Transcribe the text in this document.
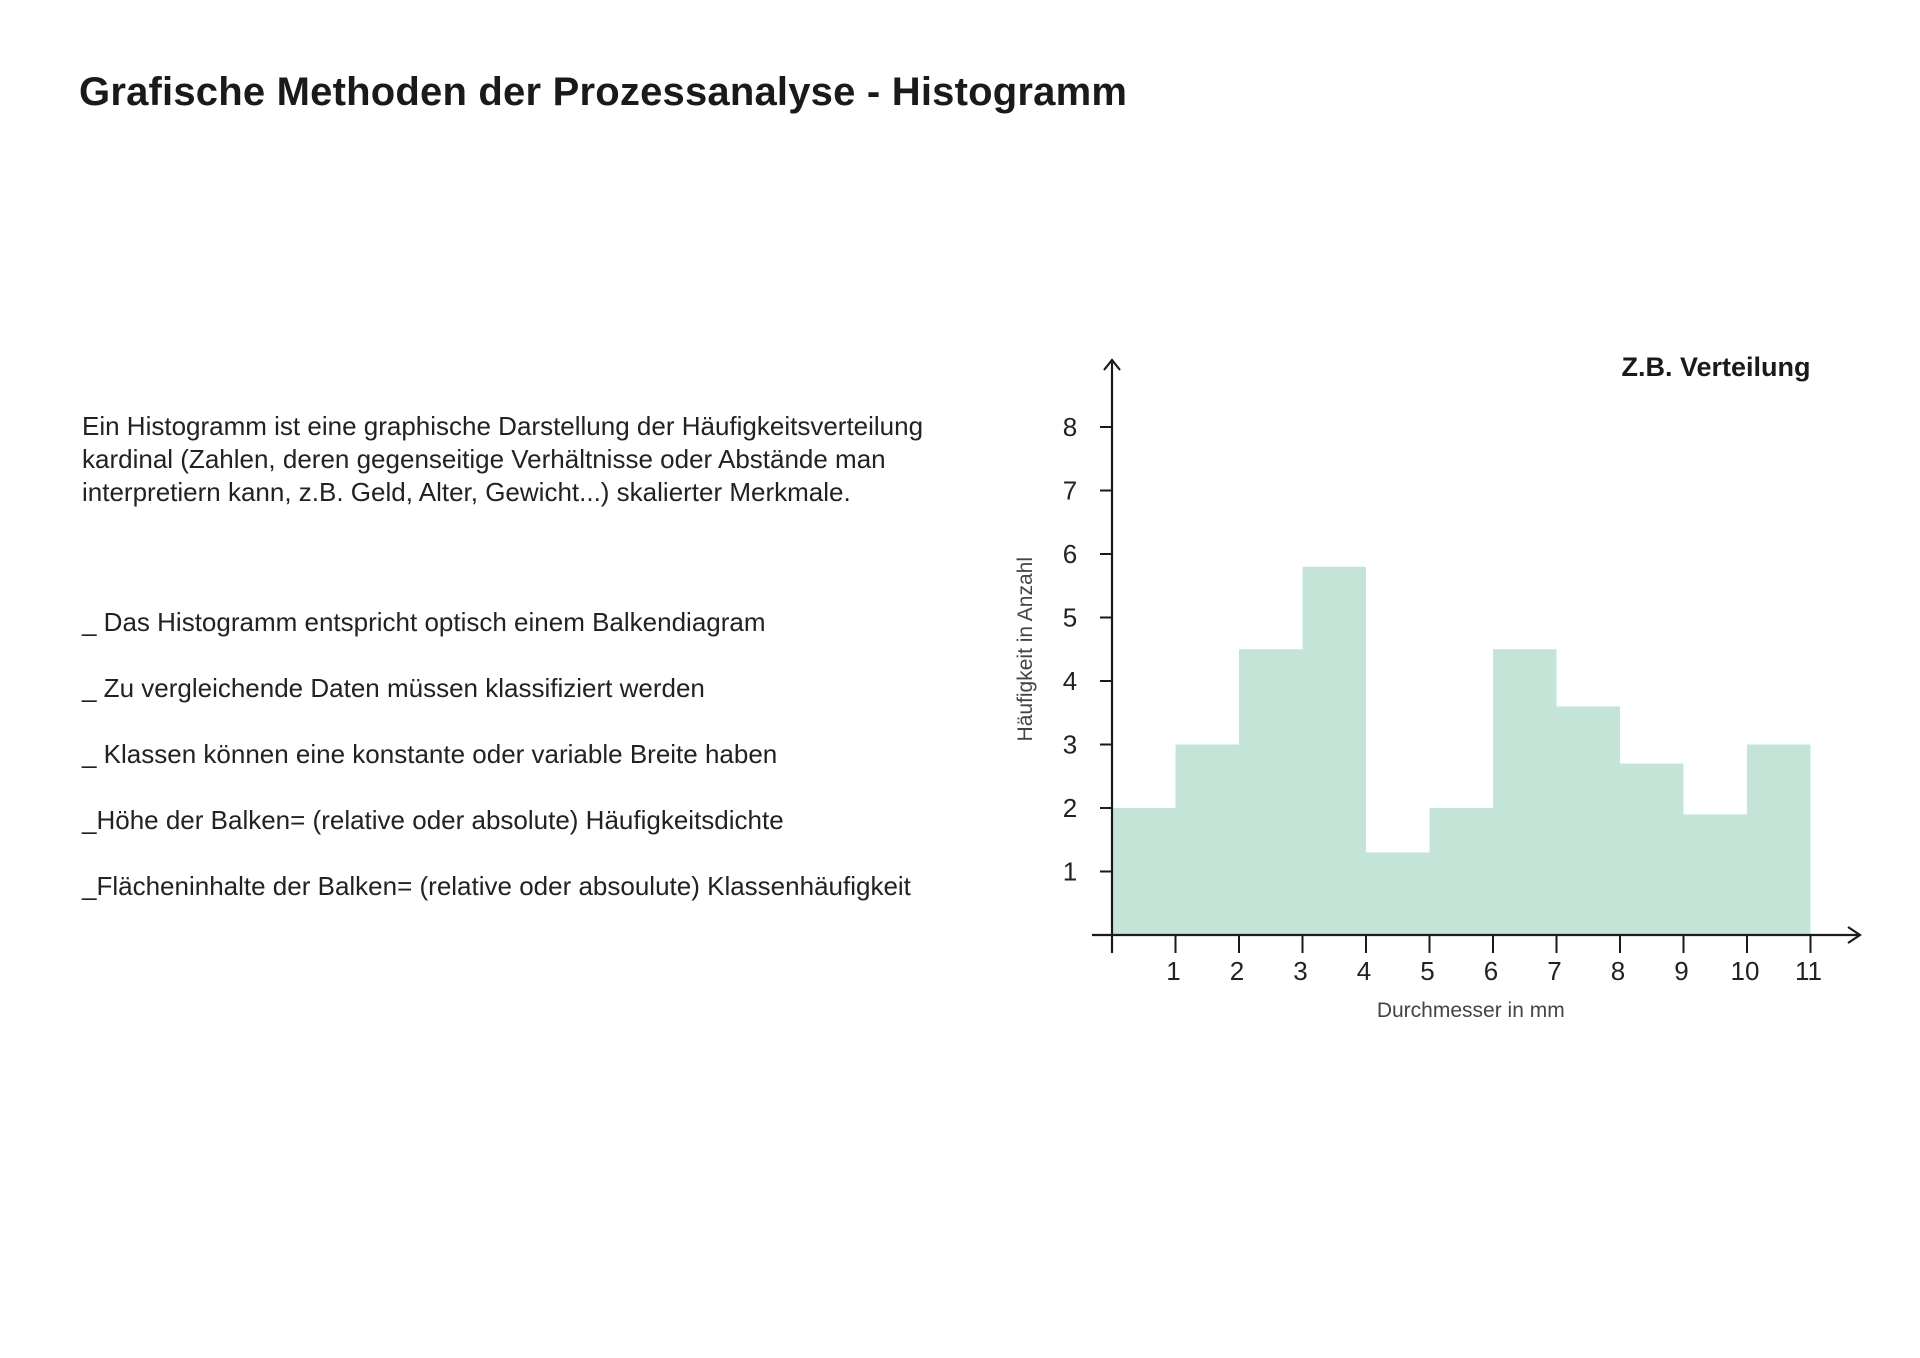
Grafische Methoden der Prozessanalyse - Histogramm

Ein Histogramm ist eine graphische Darstellung der Häufigkeitsverteilung
kardinal (Zahlen, deren gegenseitige Verhältnisse oder Abstände man
interpretiern kann, z.B. Geld, Alter, Gewicht...) skalierter Merkmale.

_ Das Histogramm entspricht optisch einem Balkendiagram
_ Zu vergleichende Daten müssen klassifiziert werden
_ Klassen können eine konstante oder variable Breite haben
_Höhe der Balken= (relative oder absolute) Häufigkeitsdichte
_Flächeninhalte der Balken= (relative oder absoulute) Klassenhäufigkeit	1
2
3
4
5
6
7
8
1 2 3 4 5 6 7 8 9 10 11
Durchmesser in mm
Häufigkeit in Anzahl
Z.B. Verteilung
